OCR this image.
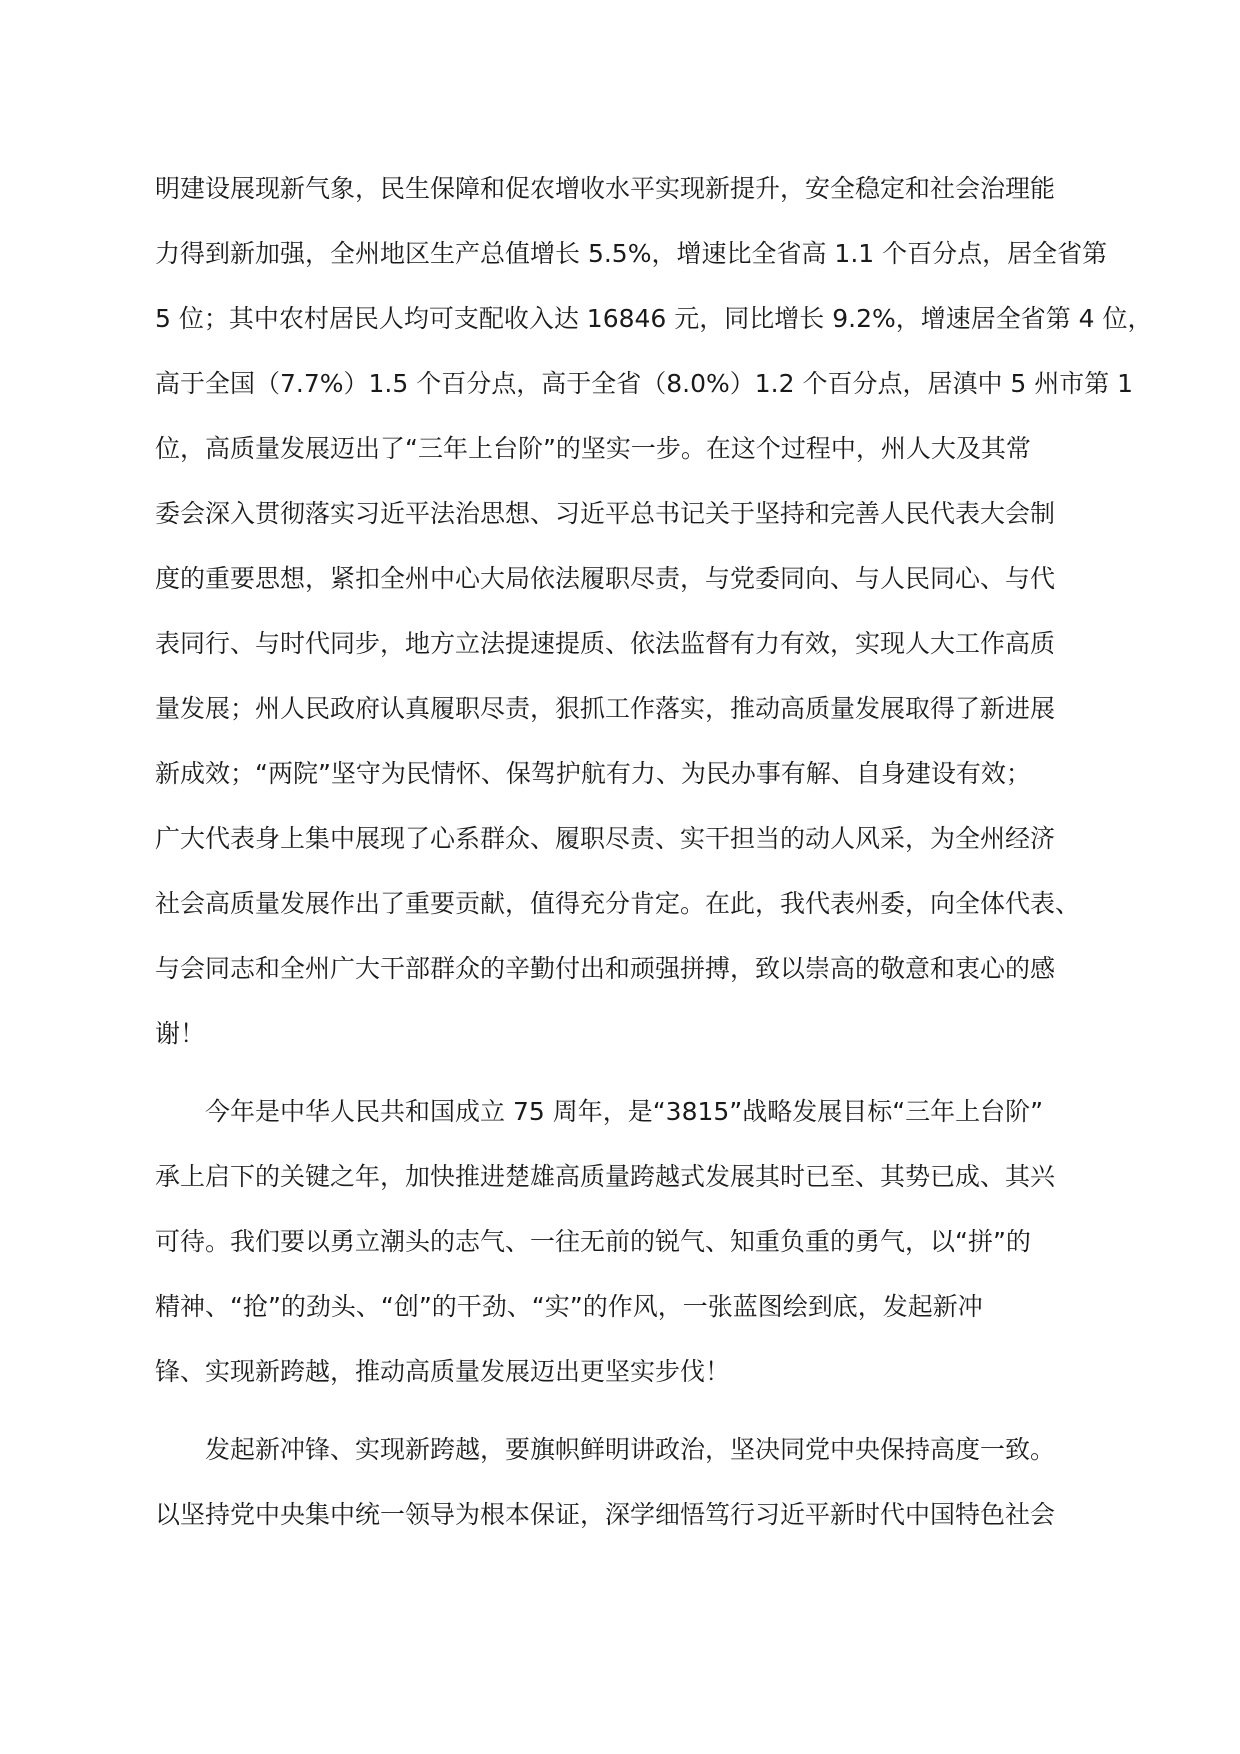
明建设展现新气象，民生保障和促农增收水平实现新提升，安全稳定和社会治理能
力得到新加强，全州地区生产总值增长 5.5%，增速比全省高 1.1 个百分点，居全省第
5 位；其中农村居民人均可支配收入达 16846 元，同比增长 9.2%，增速居全省第 4 位，
高于全国（7.7%）1.5 个百分点，高于全省（8.0%）1.2 个百分点，居滇中 5 州市第 1
位，高质量发展迈出了“三年上台阶”的坚实一步。在这个过程中，州人大及其常
委会深入贯彻落实习近平法治思想、习近平总书记关于坚持和完善人民代表大会制
度的重要思想，紧扣全州中心大局依法履职尽责，与党委同向、与人民同心、与代
表同行、与时代同步，地方立法提速提质、依法监督有力有效，实现人大工作高质
量发展；州人民政府认真履职尽责，狠抓工作落实，推动高质量发展取得了新进展
新成效；“两院”坚守为民情怀、保驾护航有力、为民办事有解、自身建设有效；
广大代表身上集中展现了心系群众、履职尽责、实干担当的动人风采，为全州经济
社会高质量发展作出了重要贡献，值得充分肯定。在此，我代表州委，向全体代表、
与会同志和全州广大干部群众的辛勤付出和顽强拼搏，致以崇高的敬意和衷心的感
谢！
　　今年是中华人民共和国成立 75 周年，是“3815”战略发展目标“三年上台阶”
承上启下的关键之年，加快推进楚雄高质量跨越式发展其时已至、其势已成、其兴
可待。我们要以勇立潮头的志气、一往无前的锐气、知重负重的勇气，以“拼”的
精神、“抢”的劲头、“创”的干劲、“实”的作风，一张蓝图绘到底，发起新冲
锋、实现新跨越，推动高质量发展迈出更坚实步伐！
　　发起新冲锋、实现新跨越，要旗帜鲜明讲政治，坚决同党中央保持高度一致。
以坚持党中央集中统一领导为根本保证，深学细悟笃行习近平新时代中国特色社会
